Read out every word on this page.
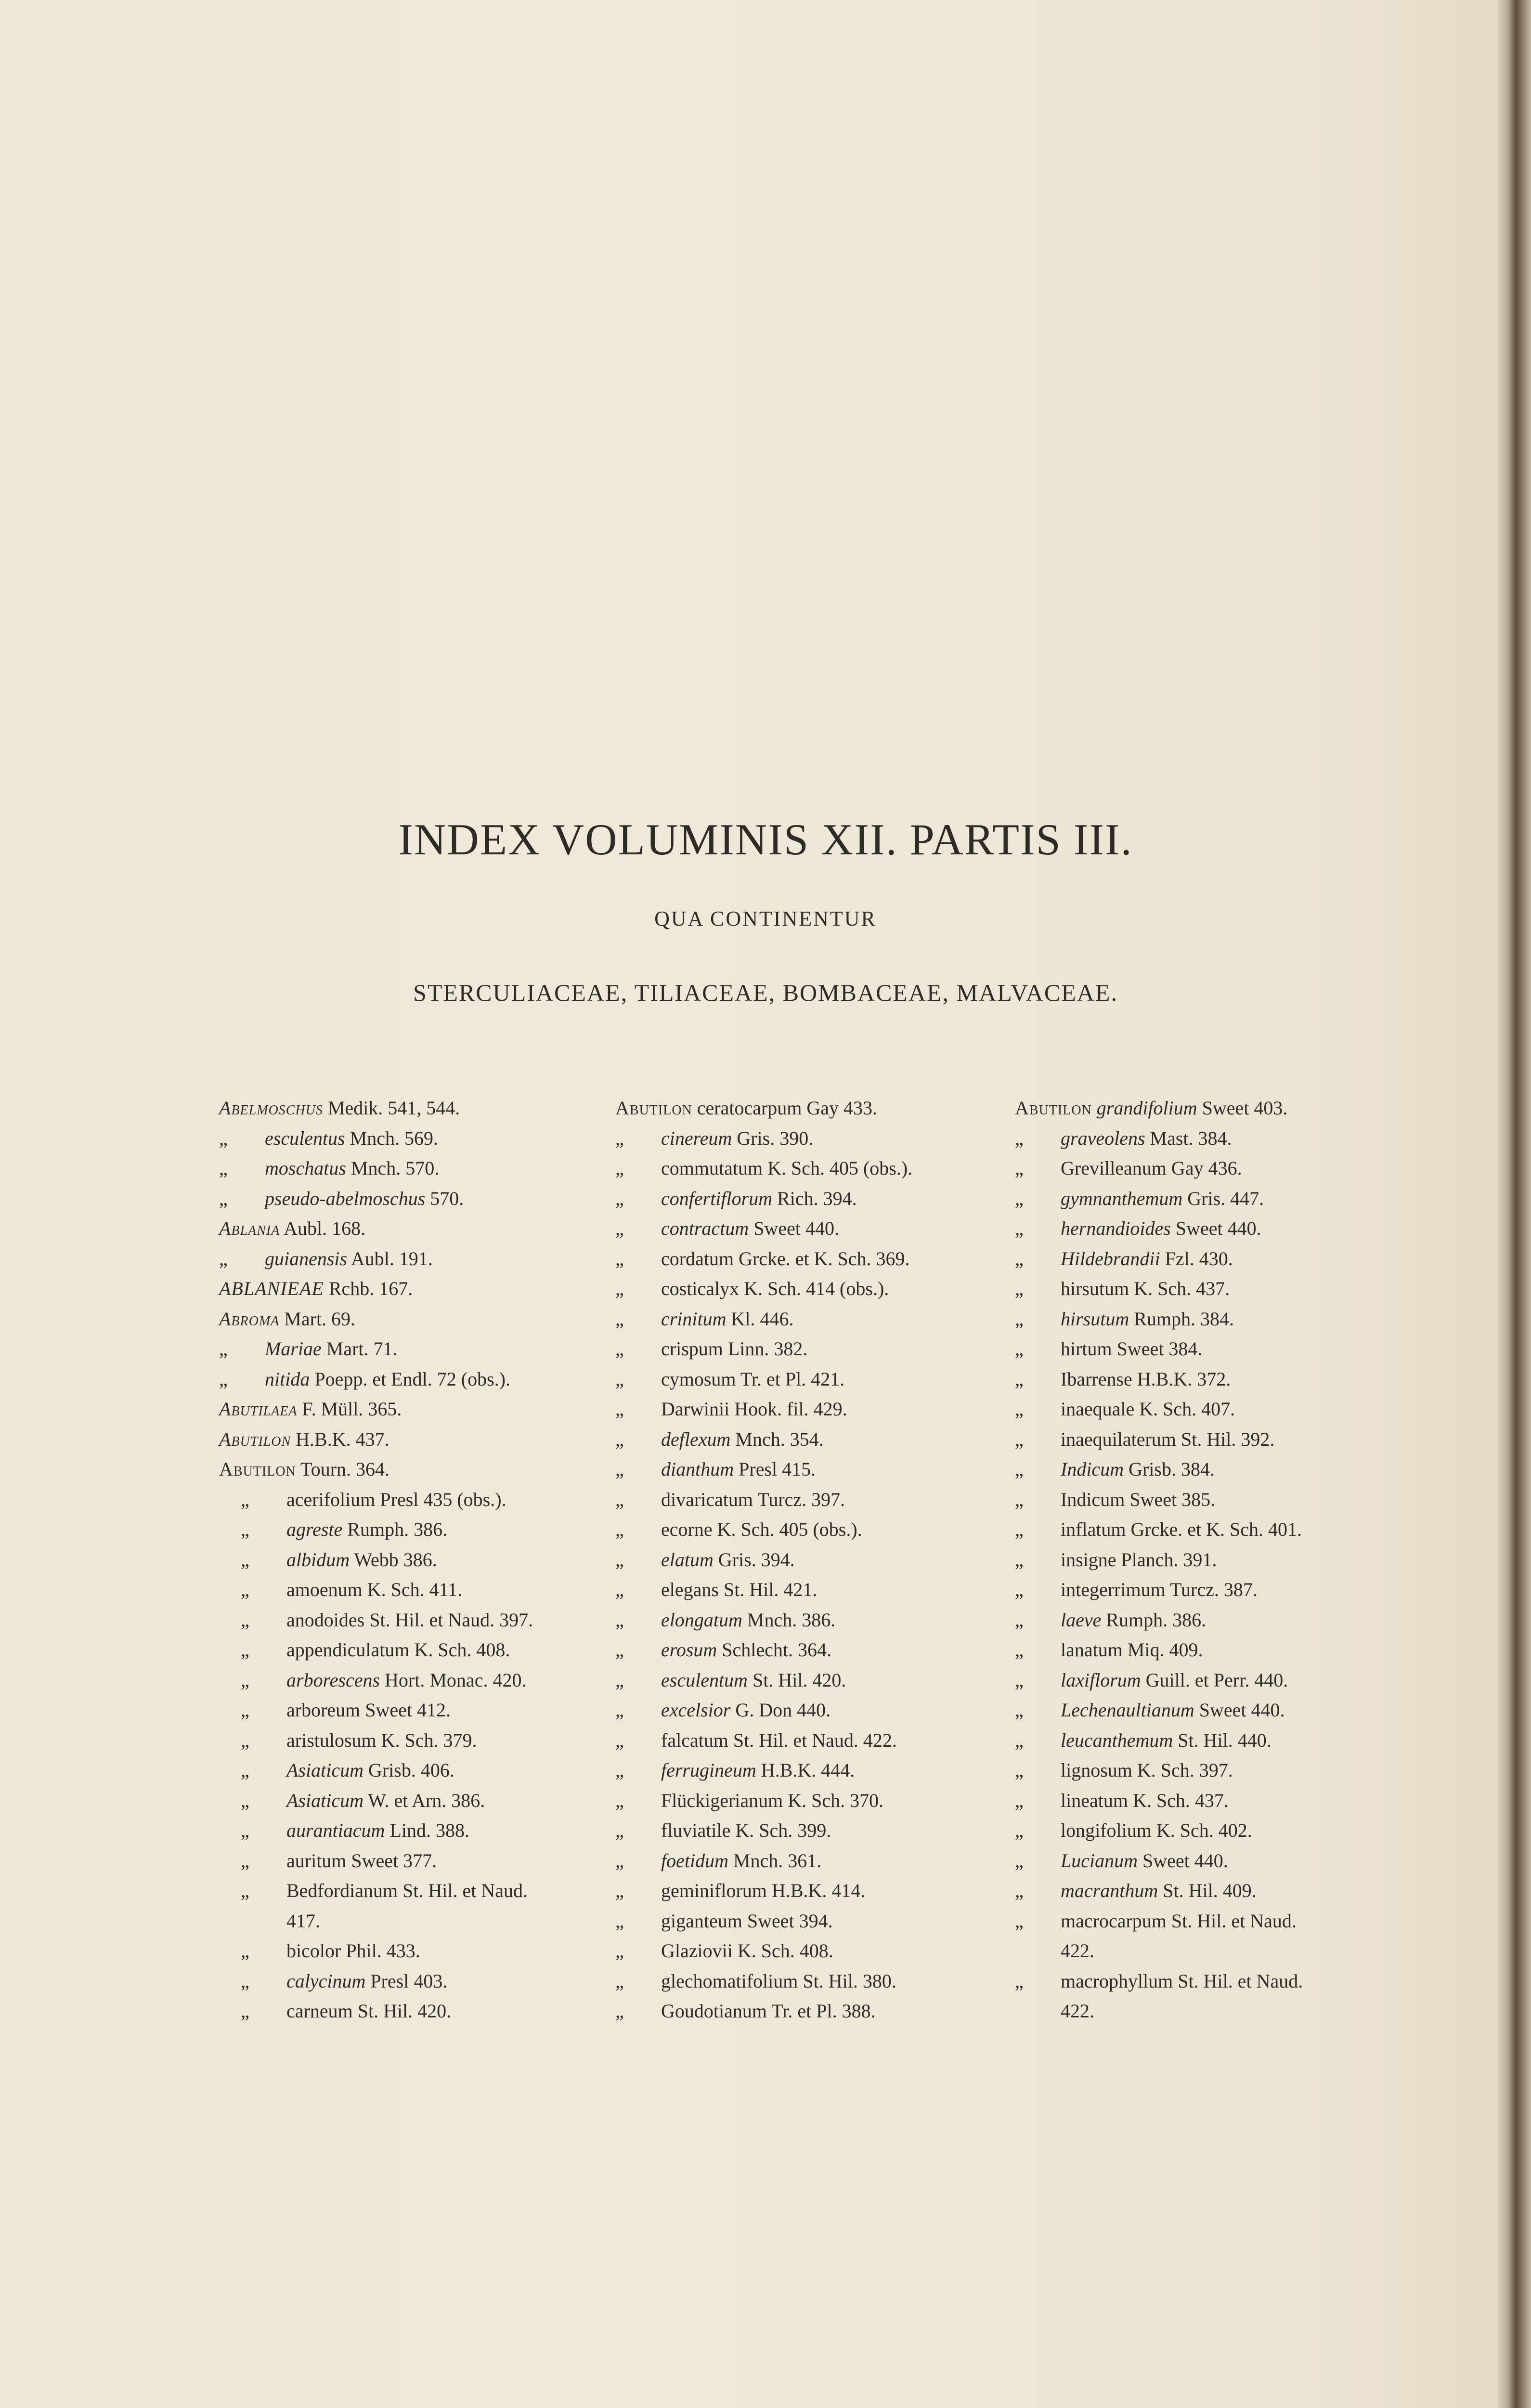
INDEX VOLUMINIS XII. PARTIS III.
QUA CONTINENTUR
STERCULIACEAE, TILIACEAE, BOMBACEAE, MALVACEAE.
Abelmoschus Medik. 541, 544.
„	esculentus Mnch. 569.
„	moschatus Mnch. 570.
„	pseudo-abelmoschus 570.
Ablania Aubl. 168.
„	guianensis Aubl. 191.
ABLANIEAE Rchb. 167.
Abroma Mart. 69.
„	Mariae Mart. 71.
„	nitida Poepp. et Endl. 72 (obs.).
Abutilaea F. Müll. 365.
Abutilon H.B.K. 437.
Abutilon Tourn. 364.
„	acerifolium Presl 435 (obs.).
„	agreste Rumph. 386.
„	albidum Webb 386.
„	amoenum K. Sch. 411.
„	anodoides St. Hil. et Naud. 397.
„	appendiculatum K. Sch. 408.
„	arborescens Hort. Monac. 420.
„	arboreum Sweet 412.
„	aristulosum K. Sch. 379.
„	Asiaticum Grisb. 406.
„	Asiaticum W. et Arn. 386.
„	aurantiacum Lind. 388.
„	auritum Sweet 377.
„	Bedfordianum St. Hil. et Naud.
417.
„	bicolor Phil. 433.
„	calycinum Presl 403.
„	carneum St. Hil. 420.
Abutilon ceratocarpum Gay 433.
„	cinereum Gris. 390.
„	commutatum K. Sch. 405 (obs.).
„	confertiflorum Rich. 394.
„	contractum Sweet 440.
„	cordatum Grcke. et K. Sch. 369.
„	costicalyx K. Sch. 414 (obs.).
„	crinitum Kl. 446.
„	crispum Linn. 382.
„	cymosum Tr. et Pl. 421.
„	Darwinii Hook. fil. 429.
„	deflexum Mnch. 354.
„	dianthum Presl 415.
„	divaricatum Turcz. 397.
„	ecorne K. Sch. 405 (obs.).
„	elatum Gris. 394.
„	elegans St. Hil. 421.
„	elongatum Mnch. 386.
„	erosum Schlecht. 364.
„	esculentum St. Hil. 420.
„	excelsior G. Don 440.
„	falcatum St. Hil. et Naud. 422.
„	ferrugineum H.B.K. 444.
„	Flückigerianum K. Sch. 370.
„	fluviatile K. Sch. 399.
„	foetidum Mnch. 361.
„	geminiflorum H.B.K. 414.
„	giganteum Sweet 394.
„	Glaziovii K. Sch. 408.
„	glechomatifolium St. Hil. 380.
„	Goudotianum Tr. et Pl. 388.
Abutilon grandifolium Sweet 403.
„	graveolens Mast. 384.
„	Grevilleanum Gay 436.
„	gymnanthemum Gris. 447.
„	hernandioides Sweet 440.
„	Hildebrandii Fzl. 430.
„	hirsutum K. Sch. 437.
„	hirsutum Rumph. 384.
„	hirtum Sweet 384.
„	Ibarrense H.B.K. 372.
„	inaequale K. Sch. 407.
„	inaequilaterum St. Hil. 392.
„	Indicum Grisb. 384.
„	Indicum Sweet 385.
„	inflatum Grcke. et K. Sch. 401.
„	insigne Planch. 391.
„	integerrimum Turcz. 387.
„	laeve Rumph. 386.
„	lanatum Miq. 409.
„	laxiflorum Guill. et Perr. 440.
„	Lechenaultianum Sweet 440.
„	leucanthemum St. Hil. 440.
„	lignosum K. Sch. 397.
„	lineatum K. Sch. 437.
„	longifolium K. Sch. 402.
„	Lucianum Sweet 440.
„	macranthum St. Hil. 409.
„	macrocarpum St. Hil. et Naud.
422.
„	macrophyllum St. Hil. et Naud.
422.
